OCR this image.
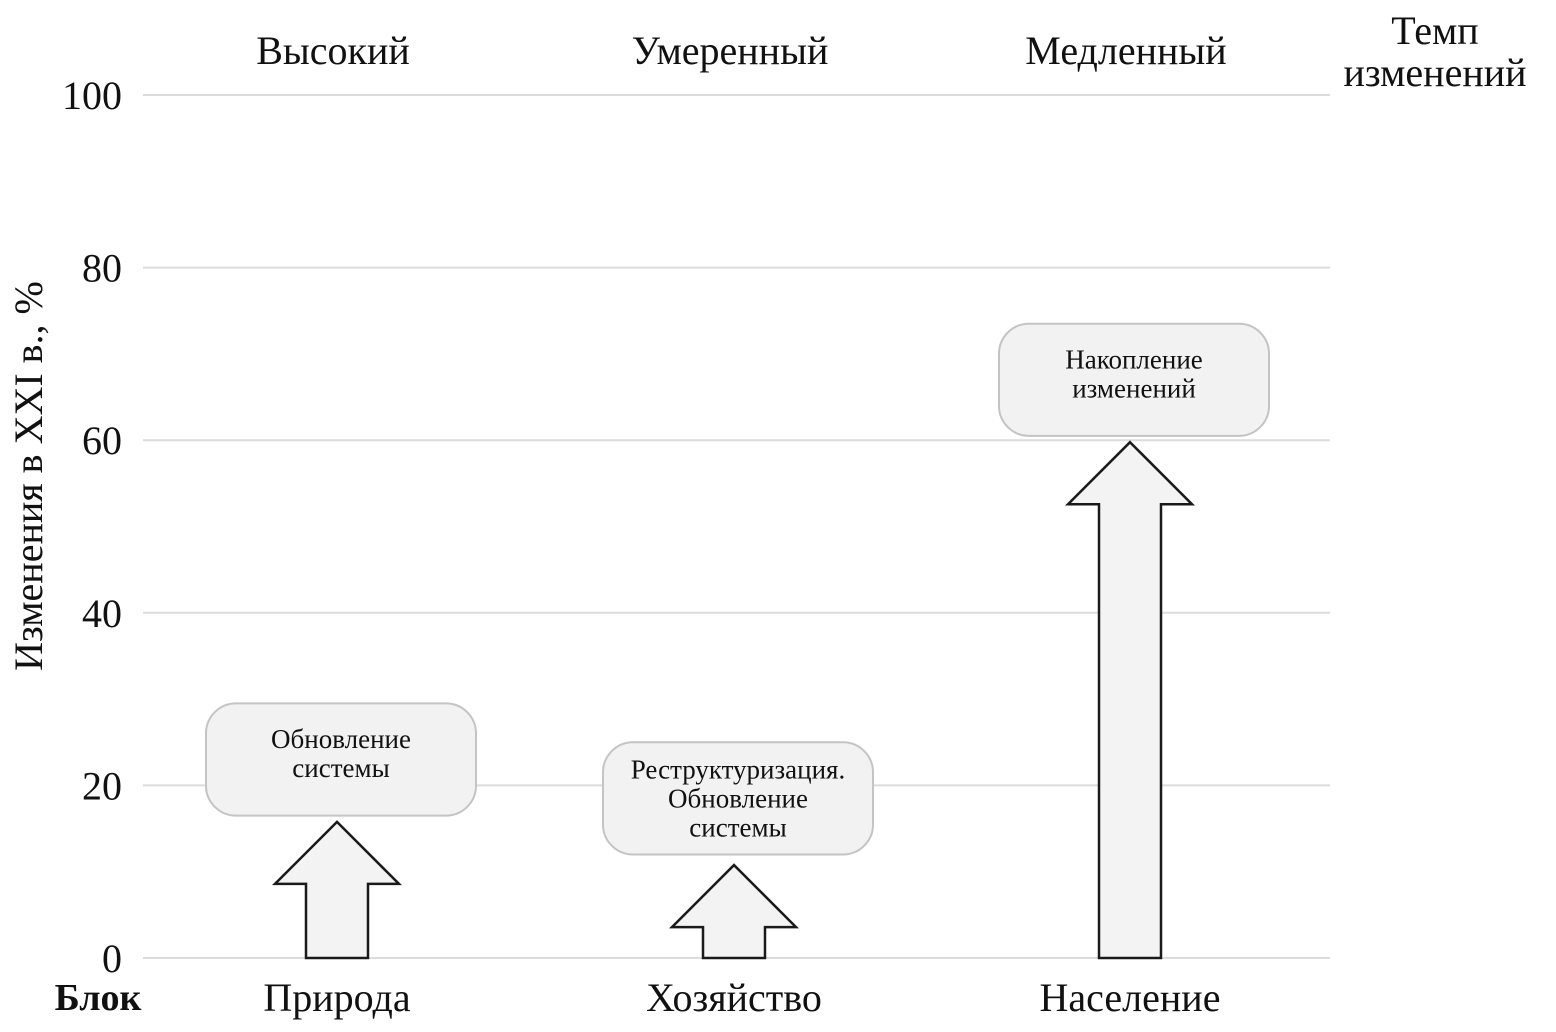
0
20
40
60
80
100
Изменения в XXI в., %
Высокий	Умеренный	Медленный	Темп
изменений
Обновление
системы	Реструктуризация.
Обновление
системы
Накопление
изменений
Природа	Хозяйство	Население
Блок
